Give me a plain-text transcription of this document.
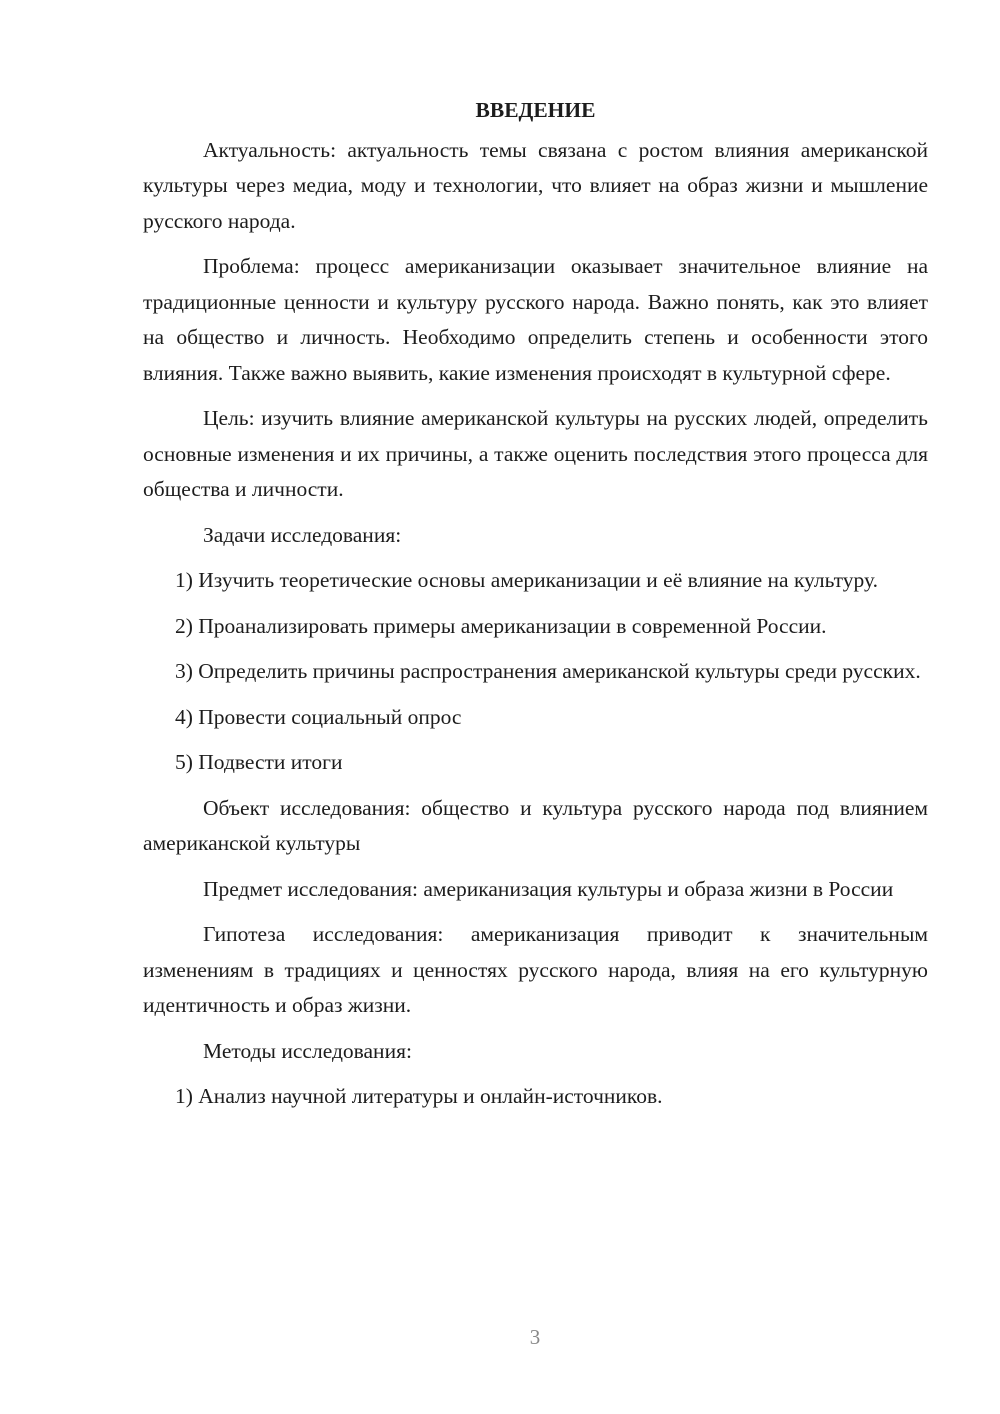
ВВЕДЕНИЕ

Актуальность: актуальность темы связана с ростом влияния американской культуры через медиа, моду и технологии, что влияет на образ жизни и мышление русского народа.

Проблема: процесс американизации оказывает значительное влияние на традиционные ценности и культуру русского народа. Важно понять, как это влияет на общество и личность. Необходимо определить степень и особенности этого влияния. Также важно выявить, какие изменения происходят в культурной сфере.

Цель: изучить влияние американской культуры на русских людей, определить основные изменения и их причины, а также оценить последствия этого процесса для общества и личности.

Задачи исследования:

1) Изучить теоретические основы американизации и её влияние на культуру.

2) Проанализировать примеры американизации в современной России.

3) Определить причины распространения американской культуры среди русских.

4) Провести социальный опрос

5) Подвести итоги

Объект исследования: общество и культура русского народа под влиянием американской культуры

Предмет исследования: американизация культуры и образа жизни в России

Гипотеза исследования: американизация приводит к значительным изменениям в традициях и ценностях русского народа, влияя на его культурную идентичность и образ жизни.

Методы исследования:

1) Анализ научной литературы и онлайн-источников.

3
